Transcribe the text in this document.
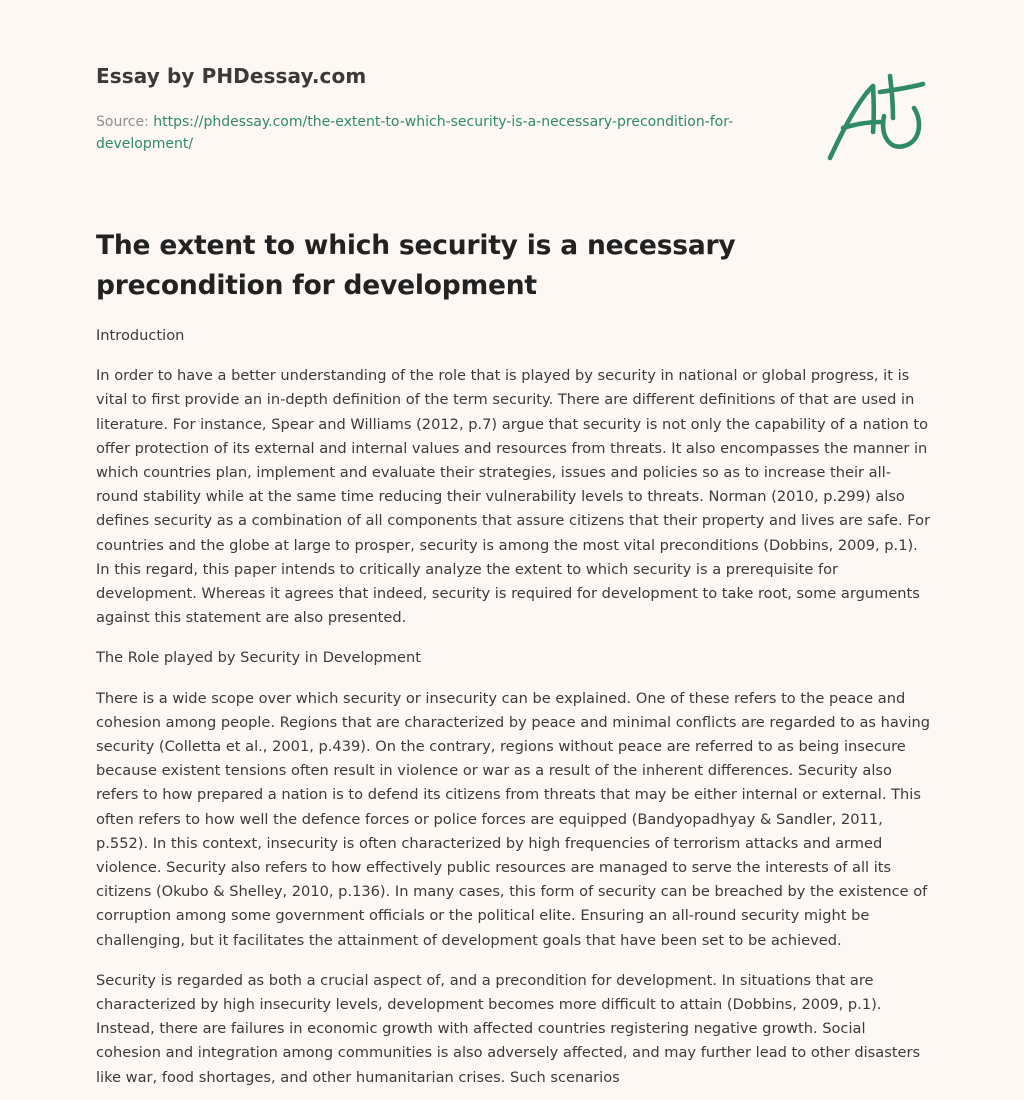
Essay by PHDessay.com
Source: https://phdessay.com/the-extent-to-which-security-is-a-necessary-precondition-for-development/
The extent to which security is a necessary precondition for development

Introduction

In order to have a better understanding of the role that is played by security in national or global progress, it is vital to first provide an in-depth definition of the term security. There are different definitions of that are used in literature. For instance, Spear and Williams (2012, p.7) argue that security is not only the capability of a nation to offer protection of its external and internal values and resources from threats. It also encompasses the manner in which countries plan, implement and evaluate their strategies, issues and policies so as to increase their all-round stability while at the same time reducing their vulnerability levels to threats. Norman (2010, p.299) also defines security as a combination of all components that assure citizens that their property and lives are safe. For countries and the globe at large to prosper, security is among the most vital preconditions (Dobbins, 2009, p.1). In this regard, this paper intends to critically analyze the extent to which security is a prerequisite for development. Whereas it agrees that indeed, security is required for development to take root, some arguments against this statement are also presented.

The Role played by Security in Development

There is a wide scope over which security or insecurity can be explained. One of these refers to the peace and cohesion among people. Regions that are characterized by peace and minimal conflicts are regarded to as having security (Colletta et al., 2001, p.439). On the contrary, regions without peace are referred to as being insecure because existent tensions often result in violence or war as a result of the inherent differences. Security also refers to how prepared a nation is to defend its citizens from threats that may be either internal or external. This often refers to how well the defence forces or police forces are equipped (Bandyopadhyay & Sandler, 2011, p.552). In this context, insecurity is often characterized by high frequencies of terrorism attacks and armed violence. Security also refers to how effectively public resources are managed to serve the interests of all its citizens (Okubo & Shelley, 2010, p.136). In many cases, this form of security can be breached by the existence of corruption among some government officials or the political elite. Ensuring an all-round security might be challenging, but it facilitates the attainment of development goals that have been set to be achieved.

Security is regarded as both a crucial aspect of, and a precondition for development. In situations that are characterized by high insecurity levels, development becomes more difficult to attain (Dobbins, 2009, p.1). Instead, there are failures in economic growth with affected countries registering negative growth. Social cohesion and integration among communities is also adversely affected, and may further lead to other disasters like war, food shortages, and other humanitarian crises. Such scenarios
